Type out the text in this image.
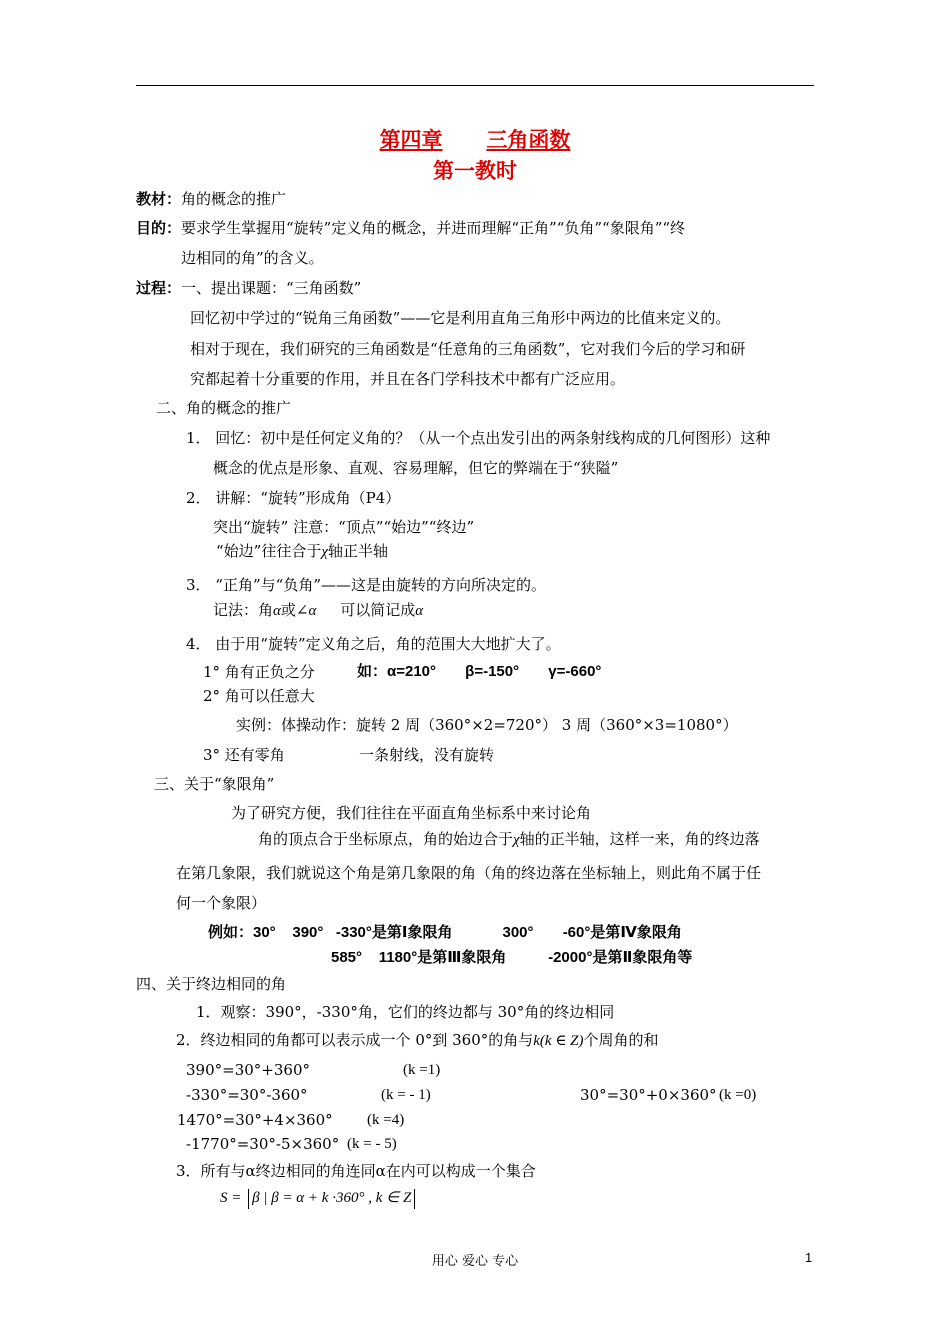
第四章 三角函数
第一教时
教材：角的概念的推广
目的：要求学生掌握用“旋转”定义角的概念，并进而理解“正角”“负角”“象限角”“终
边相同的角”的含义。
过程：一、提出课题：“三角函数”
回忆初中学过的“锐角三角函数”——它是利用直角三角形中两边的比值来定义的。
相对于现在，我们研究的三角函数是“任意角的三角函数”，它对我们今后的学习和研
究都起着十分重要的作用，并且在各门学科技术中都有广泛应用。
二、角的概念的推广
1． 回忆：初中是任何定义角的？（从一个点出发引出的两条射线构成的几何图形）这种
概念的优点是形象、直观、容易理解，但它的弊端在于“狭隘”
2． 讲解：“旋转”形成角（P4）
突出“旋转” 注意：“顶点”“始边”“终边”
“始边”往往合于χ轴正半轴
3． “正角”与“负角”——这是由旋转的方向所决定的。
记法：角α或∠α     可以简记成α
4． 由于用“旋转”定义角之后，角的范围大大地扩大了。
1° 角有正负之分	如：α=210°       β=-150°       γ=-660°
2° 角可以任意大
实例：体操动作：旋转 2 周（360°×2=720°） 3 周（360°×3=1080°）
3° 还有零角	一条射线，没有旋转
三、关于“象限角”
为了研究方便，我们往往在平面直角坐标系中来讨论角
角的顶点合于坐标原点，角的始边合于χ轴的正半轴，这样一来，角的终边落
在第几象限，我们就说这个角是第几象限的角（角的终边落在坐标轴上，则此角不属于任
何一个象限）
例如：30°    390°   -330°是第Ⅰ象限角            300°       -60°是第Ⅳ象限角
585°    1180°是第Ⅲ象限角          -2000°是第Ⅱ象限角等
四、关于终边相同的角
1．观察：390°，-330°角，它们的终边都与 30°角的终边相同
2．终边相同的角都可以表示成一个 0°到 360°的角与k(k ∈ Z)个周角的和
390°=30°+360°	(k =1)
-330°=30°-360°	(k = - 1)	30°=30°+0×360° (k =0)
1470°=30°+4×360° (k =4)
-1770°=30°-5×360° (k = - 5)
3．所有与α终边相同的角连同α在内可以构成一个集合
S = β | β = α + k ·360° , k ∈ Z
用心 爱心 专心	1
